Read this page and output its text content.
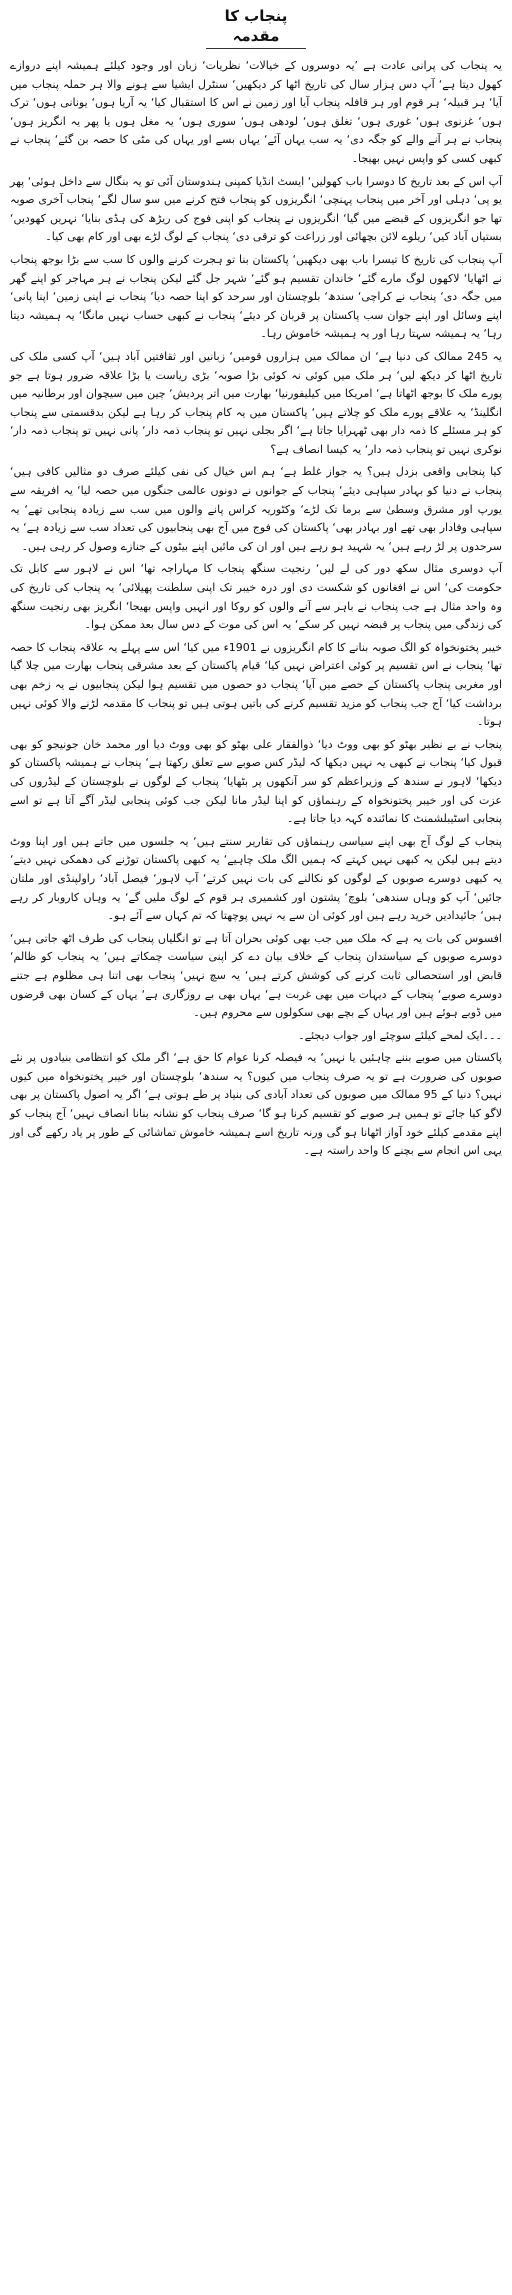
پنجاب کا مقدمہ

یہ پنجاب کی پرانی عادت ہے ’یہ دوسروں کے خیالات‘ نظریات‘ زبان اور وجود کیلئے ہمیشہ اپنے دروازے کھول دیتا ہے‘ آپ دس ہزار سال کی تاریخ اٹھا کر دیکھیں‘ سنٹرل ایشیا سے ہونے والا ہر حملہ پنجاب میں آیا‘ ہر قبیلہ‘ ہر قوم اور ہر قافلہ پنجاب آیا اور زمین نے اس کا استقبال کیا‘ یہ آریا ہوں‘ یونانی ہوں‘ ترک ہوں‘ غزنوی ہوں‘ غوری ہوں‘ تغلق ہوں‘ لودھی ہوں‘ سوری ہوں‘ یہ مغل ہوں یا پھر یہ انگریز ہوں‘ پنجاب نے ہر آنے والے کو جگہ دی‘ یہ سب یہاں آئے‘ یہاں بسے اور یہاں کی مٹی کا حصہ بن گئے‘ پنجاب نے کبھی کسی کو واپس نہیں بھیجا۔

آپ اس کے بعد تاریخ کا دوسرا باب کھولیں‘ ایسٹ انڈیا کمپنی ہندوستان آئی تو یہ بنگال سے داخل ہوئی‘ پھر یو پی‘ دہلی اور آخر میں پنجاب پہنچی‘ انگریزوں کو پنجاب فتح کرنے میں سو سال لگے‘ پنجاب آخری صوبہ تھا جو انگریزوں کے قبضے میں گیا‘ انگریزوں نے پنجاب کو اپنی فوج کی ریڑھ کی ہڈی بنایا‘ نہریں کھودیں‘ بستیاں آباد کیں‘ ریلوے لائن بچھائی اور زراعت کو ترقی دی‘ پنجاب کے لوگ لڑے بھی اور کام بھی کیا۔

آپ پنجاب کی تاریخ کا تیسرا باب بھی دیکھیں‘ پاکستان بنا تو ہجرت کرنے والوں کا سب سے بڑا بوجھ پنجاب نے اٹھایا‘ لاکھوں لوگ مارے گئے‘ خاندان تقسیم ہو گئے‘ شہر جل گئے لیکن پنجاب نے ہر مہاجر کو اپنے گھر میں جگہ دی‘ پنجاب نے کراچی‘ سندھ‘ بلوچستان اور سرحد کو اپنا حصہ دیا‘ پنجاب نے اپنی زمین‘ اپنا پانی‘ اپنے وسائل اور اپنے جوان سب پاکستان پر قربان کر دیئے‘ پنجاب نے کبھی حساب نہیں مانگا‘ یہ ہمیشہ دیتا رہا‘ یہ ہمیشہ سہتا رہا اور یہ ہمیشہ خاموش رہا۔

یہ 245 ممالک کی دنیا ہے‘ ان ممالک میں ہزاروں قومیں‘ زبانیں اور ثقافتیں آباد ہیں‘ آپ کسی ملک کی تاریخ اٹھا کر دیکھ لیں‘ ہر ملک میں کوئی نہ کوئی بڑا صوبہ‘ بڑی ریاست یا بڑا علاقہ ضرور ہوتا ہے جو پورے ملک کا بوجھ اٹھاتا ہے‘ امریکا میں کیلیفورنیا‘ بھارت میں اتر پردیش‘ چین میں سیچوان اور برطانیہ میں انگلینڈ‘ یہ علاقے پورے ملک کو چلاتے ہیں‘ پاکستان میں یہ کام پنجاب کر رہا ہے لیکن بدقسمتی سے پنجاب کو ہر مسئلے کا ذمہ دار بھی ٹھہرایا جاتا ہے‘ اگر بجلی نہیں تو پنجاب ذمہ دار‘ پانی نہیں تو پنجاب ذمہ دار‘ نوکری نہیں تو پنجاب ذمہ دار‘ یہ کیسا انصاف ہے؟

کیا پنجابی واقعی بزدل ہیں؟ یہ جواز غلط ہے‘ ہم اس خیال کی نفی کیلئے صرف دو مثالیں کافی ہیں‘ پنجاب نے دنیا کو بہادر سپاہی دیئے‘ پنجاب کے جوانوں نے دونوں عالمی جنگوں میں حصہ لیا‘ یہ افریقہ سے یورپ اور مشرق وسطیٰ سے برما تک لڑے‘ وکٹوریہ کراس پانے والوں میں سب سے زیادہ پنجابی تھے‘ یہ سپاہی وفادار بھی تھے اور بہادر بھی‘ پاکستان کی فوج میں آج بھی پنجابیوں کی تعداد سب سے زیادہ ہے‘ یہ سرحدوں پر لڑ رہے ہیں‘ یہ شہید ہو رہے ہیں اور ان کی مائیں اپنے بیٹوں کے جنازے وصول کر رہی ہیں۔

آپ دوسری مثال سکھ دور کی لے لیں‘ رنجیت سنگھ پنجاب کا مہاراجہ تھا‘ اس نے لاہور سے کابل تک حکومت کی‘ اس نے افغانوں کو شکست دی اور درہ خیبر تک اپنی سلطنت پھیلائی‘ یہ پنجاب کی تاریخ کی وہ واحد مثال ہے جب پنجاب نے باہر سے آنے والوں کو روکا اور انہیں واپس بھیجا‘ انگریز بھی رنجیت سنگھ کی زندگی میں پنجاب پر قبضہ نہیں کر سکے‘ یہ اس کی موت کے دس سال بعد ممکن ہوا۔

خیبر پختونخواہ کو الگ صوبہ بنانے کا کام انگریزوں نے 1901ء میں کیا‘ اس سے پہلے یہ علاقہ پنجاب کا حصہ تھا‘ پنجاب نے اس تقسیم پر کوئی اعتراض نہیں کیا‘ قیام پاکستان کے بعد مشرقی پنجاب بھارت میں چلا گیا اور مغربی پنجاب پاکستان کے حصے میں آیا‘ پنجاب دو حصوں میں تقسیم ہوا لیکن پنجابیوں نے یہ زخم بھی برداشت کیا‘ آج جب پنجاب کو مزید تقسیم کرنے کی باتیں ہوتی ہیں تو پنجاب کا مقدمہ لڑنے والا کوئی نہیں ہوتا۔

پنجاب نے بے نظیر بھٹو کو بھی ووٹ دیا‘ ذوالفقار علی بھٹو کو بھی ووٹ دیا اور محمد خان جونیجو کو بھی قبول کیا‘ پنجاب نے کبھی یہ نہیں دیکھا کہ لیڈر کس صوبے سے تعلق رکھتا ہے‘ پنجاب نے ہمیشہ پاکستان کو دیکھا‘ لاہور نے سندھ کے وزیراعظم کو سر آنکھوں پر بٹھایا‘ پنجاب کے لوگوں نے بلوچستان کے لیڈروں کی عزت کی اور خیبر پختونخواہ کے رہنماؤں کو اپنا لیڈر مانا لیکن جب کوئی پنجابی لیڈر آگے آتا ہے تو اسے پنجابی اسٹیبلشمنٹ کا نمائندہ کہہ دیا جاتا ہے۔

پنجاب کے لوگ آج بھی اپنے سیاسی رہنماؤں کی تقاریر سنتے ہیں‘ یہ جلسوں میں جاتے ہیں اور اپنا ووٹ دیتے ہیں لیکن یہ کبھی نہیں کہتے کہ ہمیں الگ ملک چاہیے‘ یہ کبھی پاکستان توڑنے کی دھمکی نہیں دیتے‘ یہ کبھی دوسرے صوبوں کے لوگوں کو نکالنے کی بات نہیں کرتے‘ آپ لاہور‘ فیصل آباد‘ راولپنڈی اور ملتان جائیں‘ آپ کو وہاں سندھی‘ بلوچ‘ پشتون اور کشمیری ہر قوم کے لوگ ملیں گے‘ یہ وہاں کاروبار کر رہے ہیں‘ جائیدادیں خرید رہے ہیں اور کوئی ان سے یہ نہیں پوچھتا کہ تم کہاں سے آئے ہو۔

افسوس کی بات یہ ہے کہ ملک میں جب بھی کوئی بحران آتا ہے تو انگلیاں پنجاب کی طرف اٹھ جاتی ہیں‘ دوسرے صوبوں کے سیاستدان پنجاب کے خلاف بیان دے کر اپنی سیاست چمکاتے ہیں‘ یہ پنجاب کو ظالم‘ قابض اور استحصالی ثابت کرنے کی کوشش کرتے ہیں‘ یہ سچ نہیں‘ پنجاب بھی اتنا ہی مظلوم ہے جتنے دوسرے صوبے‘ پنجاب کے دیہات میں بھی غربت ہے‘ یہاں بھی بے روزگاری ہے‘ یہاں کے کسان بھی قرضوں میں ڈوبے ہوئے ہیں اور یہاں کے بچے بھی سکولوں سے محروم ہیں۔

۔۔۔ایک لمحے کیلئے سوچئے اور جواب دیجئے۔

پاکستان میں صوبے بننے چاہئیں یا نہیں‘ یہ فیصلہ کرنا عوام کا حق ہے‘ اگر ملک کو انتظامی بنیادوں پر نئے صوبوں کی ضرورت ہے تو یہ صرف پنجاب میں کیوں؟ یہ سندھ‘ بلوچستان اور خیبر پختونخواہ میں کیوں نہیں؟ دنیا کے 95 ممالک میں صوبوں کی تعداد آبادی کی بنیاد پر طے ہوتی ہے‘ اگر یہ اصول پاکستان پر بھی لاگو کیا جائے تو ہمیں ہر صوبے کو تقسیم کرنا ہو گا‘ صرف پنجاب کو نشانہ بنانا انصاف نہیں‘ آج پنجاب کو اپنے مقدمے کیلئے خود آواز اٹھانا ہو گی ورنہ تاریخ اسے ہمیشہ خاموش تماشائی کے طور پر یاد رکھے گی اور یہی اس انجام سے بچنے کا واحد راستہ ہے۔
